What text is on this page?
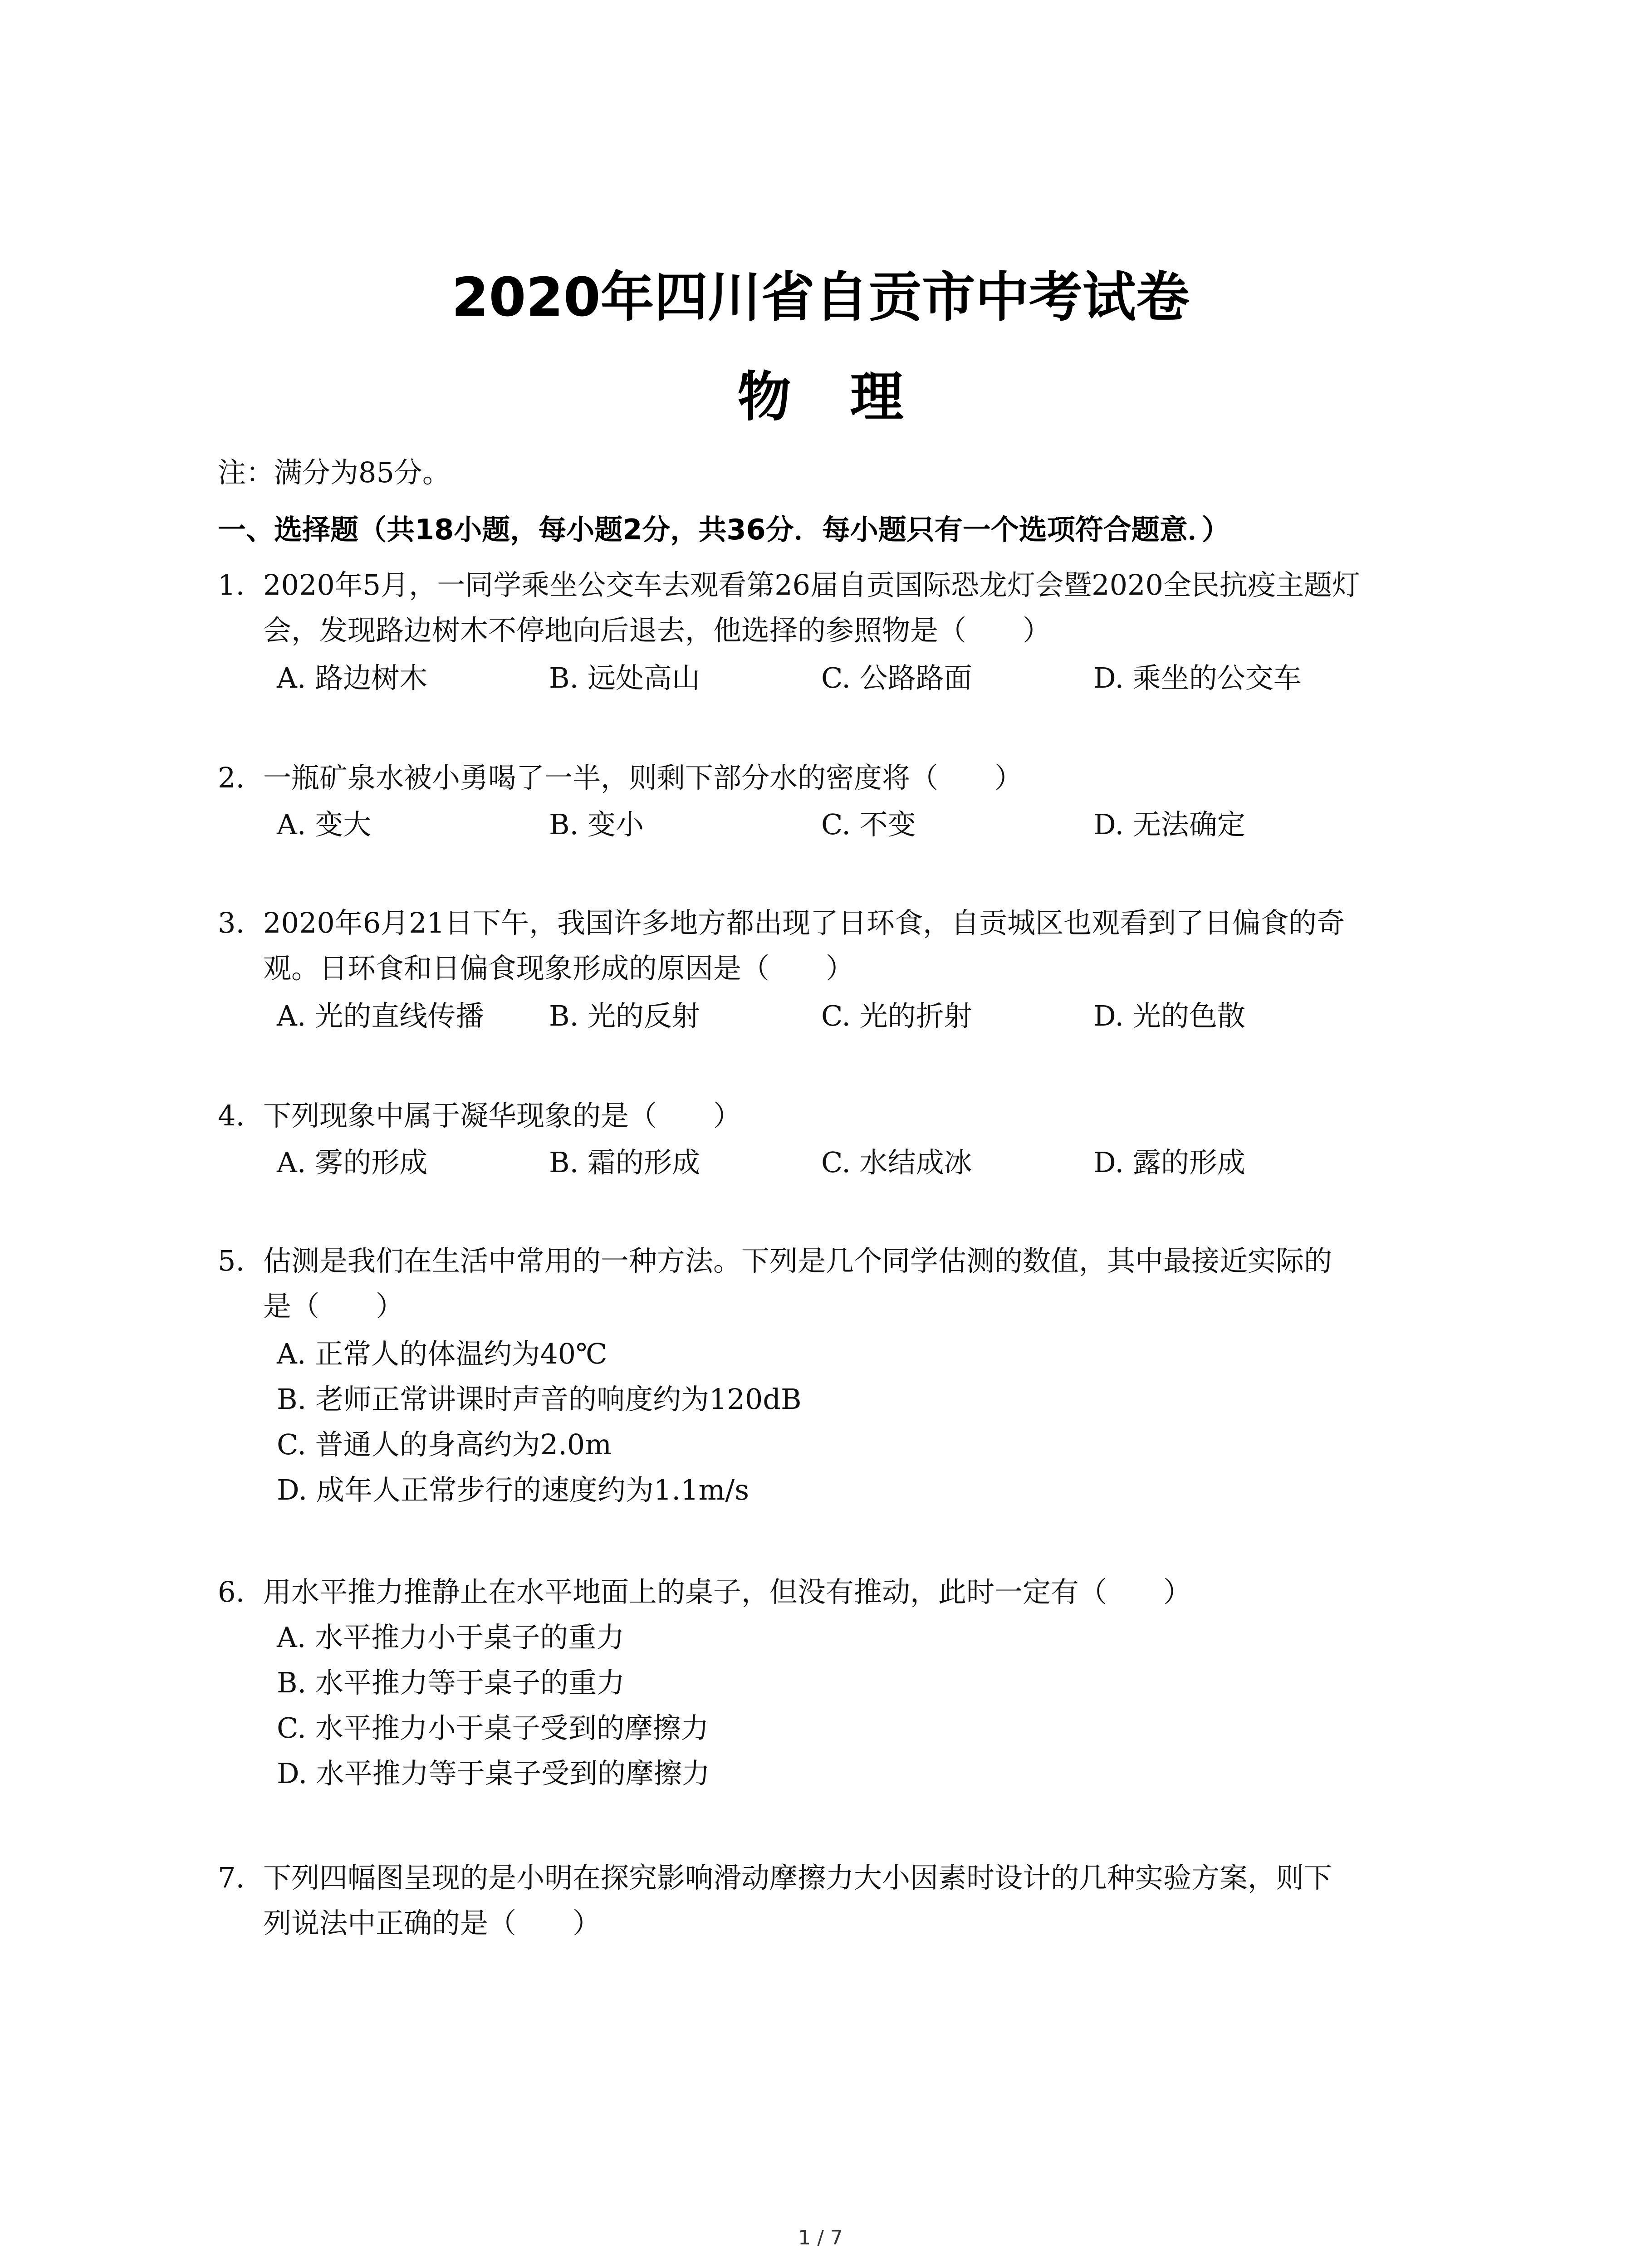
2020年四川省自贡市中考试卷
物理
注：满分为85分。
一、选择题（共18小题，每小题2分，共36分．每小题只有一个选项符合题意．）
1. 2020年5月，一同学乘坐公交车去观看第26届自贡国际恐龙灯会暨2020全民抗疫主题灯
会，发现路边树木不停地向后退去，他选择的参照物是（　　）
A. 路边树木	B. 远处高山	C. 公路路面	D. 乘坐的公交车
2. 一瓶矿泉水被小勇喝了一半，则剩下部分水的密度将（　　）
A. 变大	B. 变小	C. 不变	D. 无法确定
3. 2020年6月21日下午，我国许多地方都出现了日环食，自贡城区也观看到了日偏食的奇
观。日环食和日偏食现象形成的原因是（　　）
A. 光的直线传播 B. 光的反射	C. 光的折射	D. 光的色散
4. 下列现象中属于凝华现象的是（　　）
A. 雾的形成	B. 霜的形成	C. 水结成冰	D. 露的形成
5. 估测是我们在生活中常用的一种方法。下列是几个同学估测的数值，其中最接近实际的
是（　　）
A. 正常人的体温约为40℃
B. 老师正常讲课时声音的响度约为120dB
C. 普通人的身高约为2.0m
D. 成年人正常步行的速度约为1.1m/s
6. 用水平推力推静止在水平地面上的桌子，但没有推动，此时一定有（　　）
A. 水平推力小于桌子的重力
B. 水平推力等于桌子的重力
C. 水平推力小于桌子受到的摩擦力
D. 水平推力等于桌子受到的摩擦力
7. 下列四幅图呈现的是小明在探究影响滑动摩擦力大小因素时设计的几种实验方案，则下
列说法中正确的是（　　）
1 / 7
